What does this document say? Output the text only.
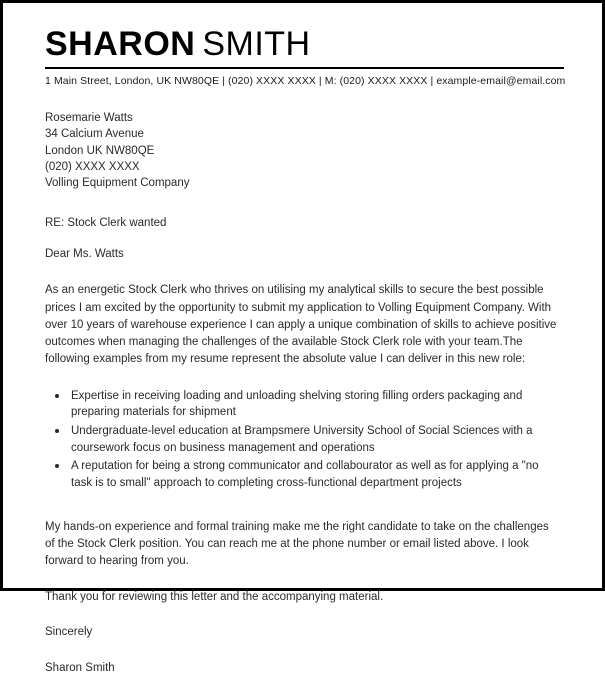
SHARON SMITH
1 Main Street, London, UK NW80QE | (020) XXXX XXXX | M: (020) XXXX XXXX | example-email@email.com
Rosemarie Watts
34 Calcium Avenue
London UK NW80QE
(020) XXXX XXXX
Volling Equipment Company
RE: Stock Clerk wanted
Dear Ms. Watts
As an energetic Stock Clerk who thrives on utilising my analytical skills to secure the best possible prices I am excited by the opportunity to submit my application to Volling Equipment Company. With over 10 years of warehouse experience I can apply a unique combination of skills to achieve positive outcomes when managing the challenges of the available Stock Clerk role with your team.The following examples from my resume represent the absolute value I can deliver in this new role:
Expertise in receiving loading and unloading shelving storing filling orders packaging and preparing materials for shipment
Undergraduate-level education at Brampsmere University School of Social Sciences with a coursework focus on business management and operations
A reputation for being a strong communicator and collabourator as well as for applying a "no task is to small" approach to completing cross-functional department projects
My hands-on experience and formal training make me the right candidate to take on the challenges of the Stock Clerk position. You can reach me at the phone number or email listed above. I look forward to hearing from you.
Thank you for reviewing this letter and the accompanying material.
Sincerely
Sharon Smith
